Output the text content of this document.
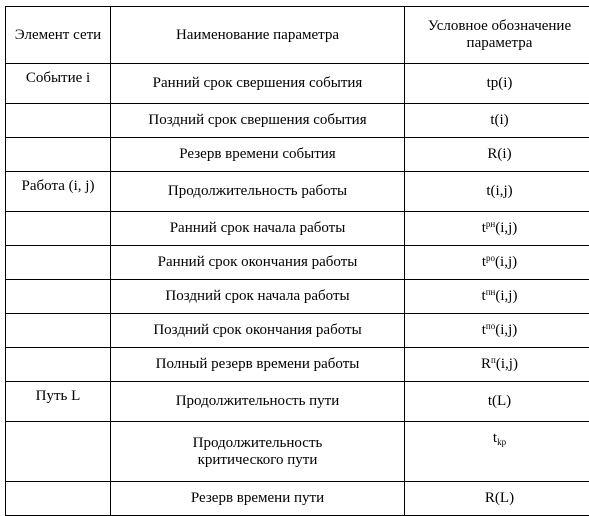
Элемент сети	Наименование параметра	Условное обозначение параметра
Событие i	Ранний срок свершения события	tp(i)
	Поздний срок свершения события	t(i)
	Резерв времени события	R(i)
Работа (i, j)	Продолжительность работы	t(i,j)
	Ранний срок начала работы	$t^{рн}(i,j)$
	Ранний срок окончания работы	$t^{ро}(i,j)$
	Поздний срок начала работы	$t^{пн}(i,j)$
	Поздний срок окончания работы	$t^{по}(i,j)$
	Полный резерв времени работы	$R^п(i,j)$
Путь L	Продолжительность пути	t(L)
	Продолжительность критического пути	$t_{kp}$
	Резерв времени пути	R(L)
